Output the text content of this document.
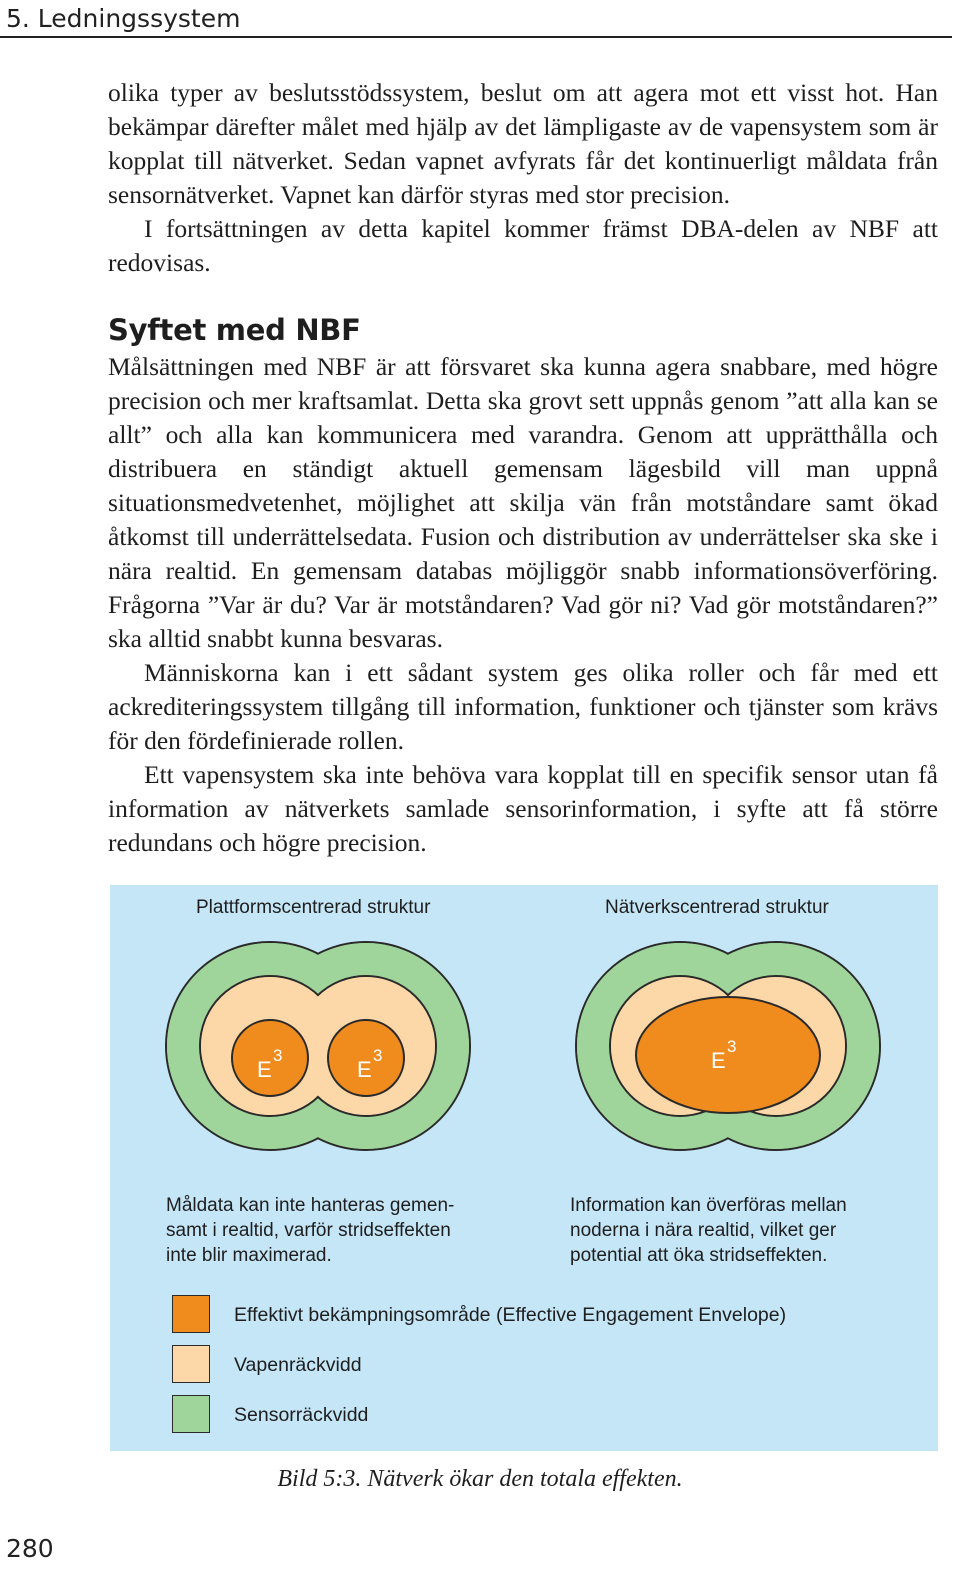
5. Ledningssystem

olika typer av beslutsstödssystem, beslut om att agera mot ett visst hot. Han bekämpar därefter målet med hjälp av det lämpligaste av de vapensystem som är kopplat till nätverket. Sedan vapnet avfyrats får det kontinuerligt måldata från sensornätverket. Vapnet kan därför styras med stor precision.

I fortsättningen av detta kapitel kommer främst DBA-delen av NBF att redovisas.

Syftet med NBF

Målsättningen med NBF är att försvaret ska kunna agera snabbare, med högre precision och mer kraftsamlat. Detta ska grovt sett uppnås genom ”att alla kan se allt” och alla kan kommunicera med varandra. Genom att upprätthålla och distribuera en ständigt aktuell gemensam lägesbild vill man uppnå situationsmedvetenhet, möjlighet att skilja vän från motståndare samt ökad åtkomst till underrättelsedata. Fusion och distribution av underrättelser ska ske i nära realtid. En gemensam databas möjliggör snabb informationsöverföring. Frågorna ”Var är du? Var är motståndaren? Vad gör ni? Vad gör motståndaren?” ska alltid snabbt kunna besvaras.

Människorna kan i ett sådant system ges olika roller och får med ett ackrediteringssystem tillgång till information, funktioner och tjänster som krävs för den fördefinierade rollen.

Ett vapensystem ska inte behöva vara kopplat till en specifik sensor utan få information av nätverkets samlade sensorinformation, i syfte att få större redundans och högre precision.

Plattformscentrerad struktur	Nätverkscentrerad struktur
E
3
E
3	E
3
Måldata kan inte hanteras gemen-
samt i realtid, varför stridseffekten
inte blir maximerad.
Information kan överföras mellan
noderna i nära realtid, vilket ger
potential att öka stridseffekten.
Effektivt bekämpningsområde (Effective Engagement Envelope)
Vapenräckvidd
Sensorräckvidd
Bild 5:3. Nätverk ökar den totala effekten.
280
